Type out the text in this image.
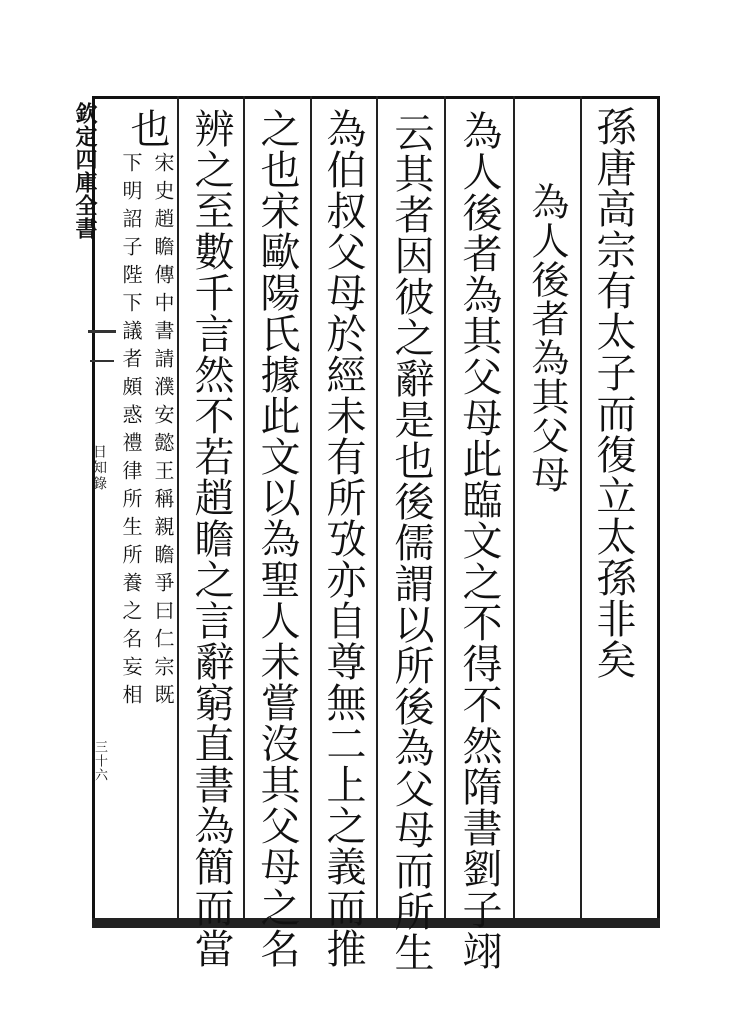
欽定四庫全書
日知錄
三十六
孫唐高宗有太子而復立太孫非矣
為人後者為其父母
為人後者為其父母此臨文之不得不然隋書劉子翊
云其者因彼之辭是也後儒謂以所後為父母而所生
為伯叔父母於經未有所攷亦自尊無二上之義而推
之也宋歐陽氏據此文以為聖人未嘗沒其父母之名
辨之至數千言然不若趙瞻之言辭窮直書為簡而當
也
宋史趙瞻傳中書請濮安懿王稱親瞻爭曰仁宗既
下明詔子陛下議者頗惑禮律所生所養之名妄相
